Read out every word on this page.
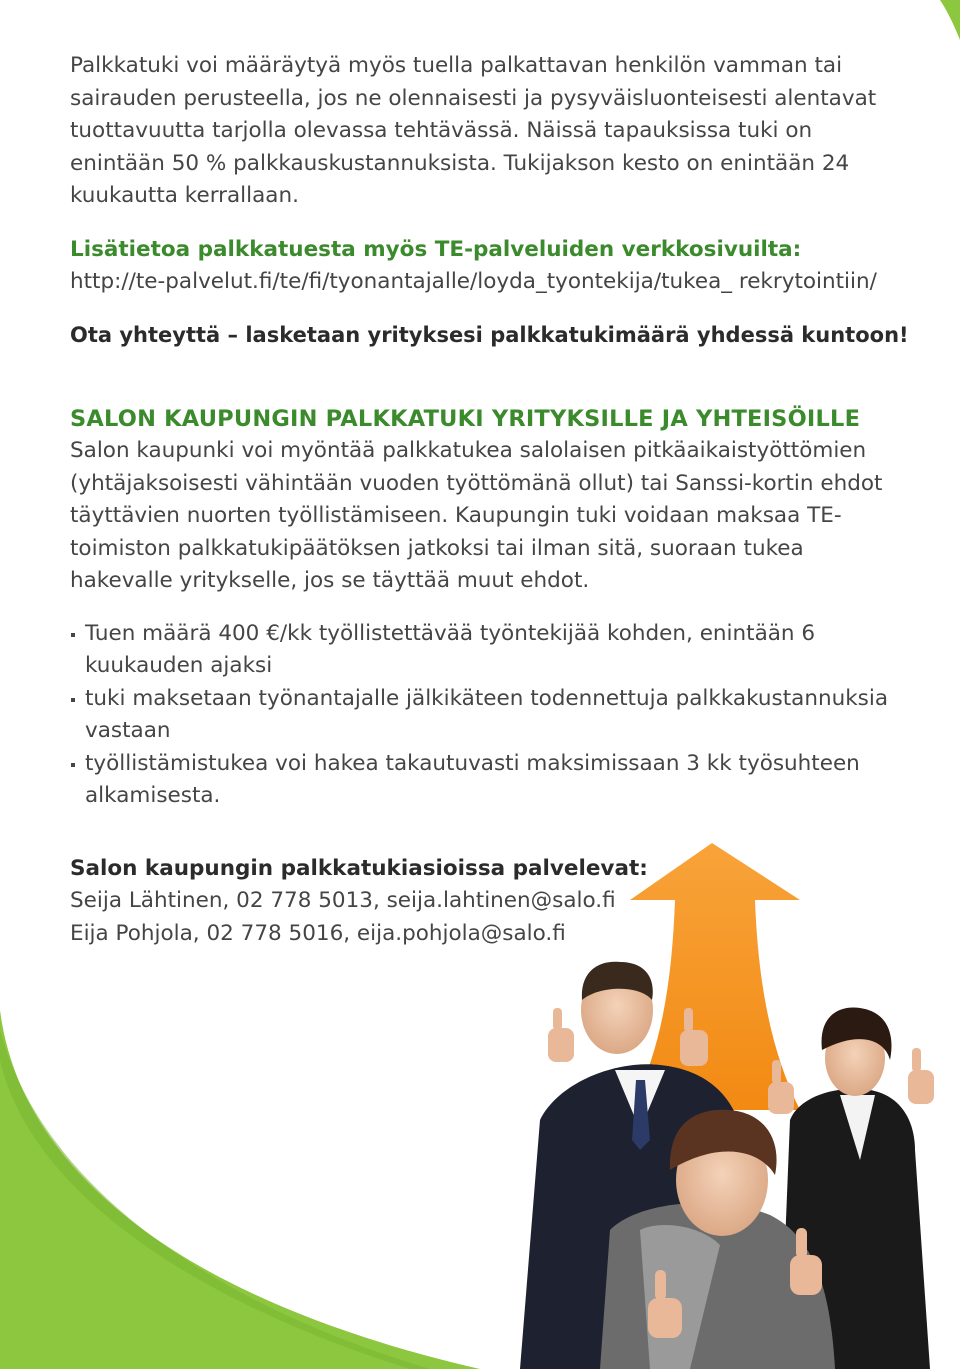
Palkkatuki voi määräytyä myös tuella palkattavan henkilön vamman tai sairauden perusteella, jos ne olennaisesti ja pysyväisluonteisesti alentavat tuottavuutta tarjolla olevassa tehtävässä. Näissä tapauksissa tuki on enintään 50 % palkkauskustannuksista. Tukijakson kesto on enintään 24 kuukautta kerrallaan.

Lisätietoa palkkatuesta myös TE-palveluiden verkkosivuilta:

http://te-palvelut.fi/te/fi/tyonantajalle/loyda_tyontekija/tukea_ rekrytointiin/

Ota yhteyttä – lasketaan yrityksesi palkkatukimäärä yhdessä kuntoon!

SALON KAUPUNGIN PALKKATUKI YRITYKSILLE JA YHTEISÖILLE

Salon kaupunki voi myöntää palkkatukea salolaisen pitkäaikaistyöttömien (yhtäjaksoisesti vähintään vuoden työttömänä ollut) tai Sanssi-kortin ehdot täyttävien nuorten työllistämiseen. Kaupungin tuki voidaan maksaa TE-toimiston palkkatukipäätöksen jatkoksi tai ilman sitä, suoraan tukea hakevalle yritykselle, jos se täyttää muut ehdot.

Tuen määrä 400 €/kk työllistettävää työntekijää kohden, enintään 6 kuukauden ajaksi
tuki maksetaan työnantajalle jälkikäteen todennettuja palkkakustannuksia vastaan
työllistämistukea voi hakea takautuvasti maksimissaan 3 kk työsuhteen alkamisesta.

Salon kaupungin palkkatukiasioissa palvelevat:

Seija Lähtinen, 02 778 5013, seija.lahtinen@salo.fi

Eija Pohjola, 02 778 5016, eija.pohjola@salo.fi
